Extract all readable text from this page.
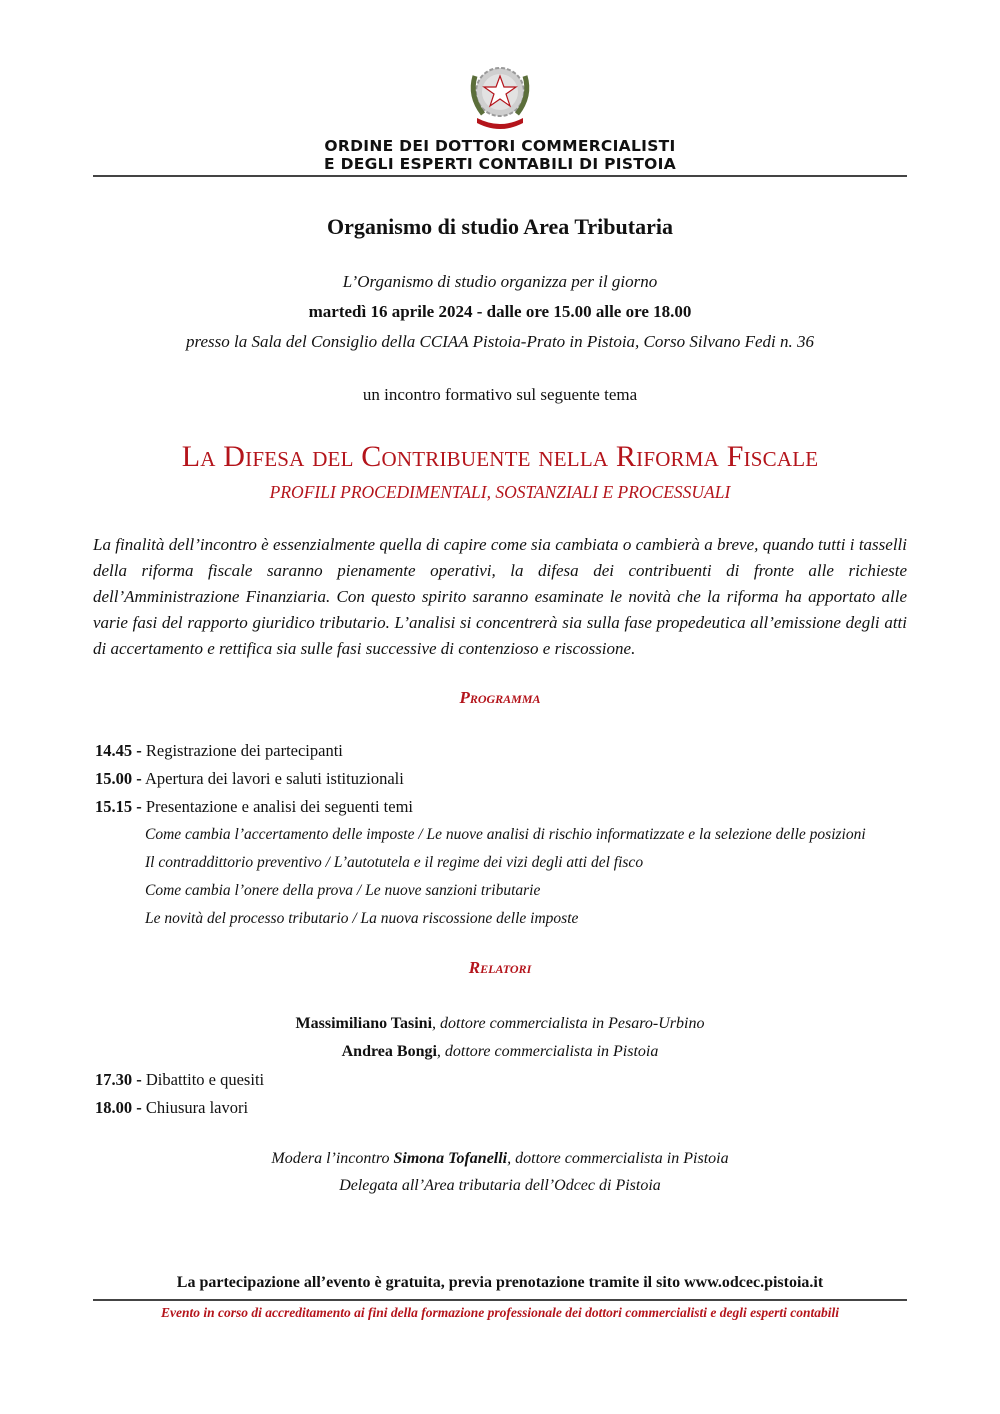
ORDINE DEI DOTTORI COMMERCIALISTI
E DEGLI ESPERTI CONTABILI DI PISTOIA
Organismo di studio Area Tributaria
L’Organismo di studio organizza per il giorno
martedì 16 aprile 2024 - dalle ore 15.00 alle ore 18.00
presso la Sala del Consiglio della CCIAA Pistoia-Prato in Pistoia, Corso Silvano Fedi n. 36
un incontro formativo sul seguente tema
La Difesa del Contribuente nella Riforma Fiscale
PROFILI PROCEDIMENTALI, SOSTANZIALI E PROCESSUALI
La finalità dell’incontro è essenzialmente quella di capire come sia cambiata o cambierà a breve, quando tutti i tasselli della riforma fiscale saranno pienamente operativi, la difesa dei contribuenti di fronte alle richieste dell’Amministrazione Finanziaria. Con questo spirito saranno esaminate le novità che la riforma ha apportato alle varie fasi del rapporto giuridico tributario. L’analisi si concentrerà sia sulla fase propedeutica all’emissione degli atti di accertamento e rettifica sia sulle fasi successive di contenzioso e riscossione.
Programma
14.45 - Registrazione dei partecipanti
15.00 - Apertura dei lavori e saluti istituzionali
15.15 - Presentazione e analisi dei seguenti temi
Come cambia l’accertamento delle imposte / Le nuove analisi di rischio informatizzate e la selezione delle posizioni
Il contraddittorio preventivo / L’autotutela e il regime dei vizi degli atti del fisco
Come cambia l’onere della prova / Le nuove sanzioni tributarie
Le novità del processo tributario / La nuova riscossione delle imposte
Relatori
Massimiliano Tasini, dottore commercialista in Pesaro-Urbino
Andrea Bongi, dottore commercialista in Pistoia
17.30 - Dibattito e quesiti
18.00 - Chiusura lavori
Modera l’incontro Simona Tofanelli, dottore commercialista in Pistoia
Delegata all’Area tributaria dell’Odcec di Pistoia
La partecipazione all’evento è gratuita, previa prenotazione tramite il sito www.odcec.pistoia.it
Evento in corso di accreditamento ai fini della formazione professionale dei dottori commercialisti e degli esperti contabili
